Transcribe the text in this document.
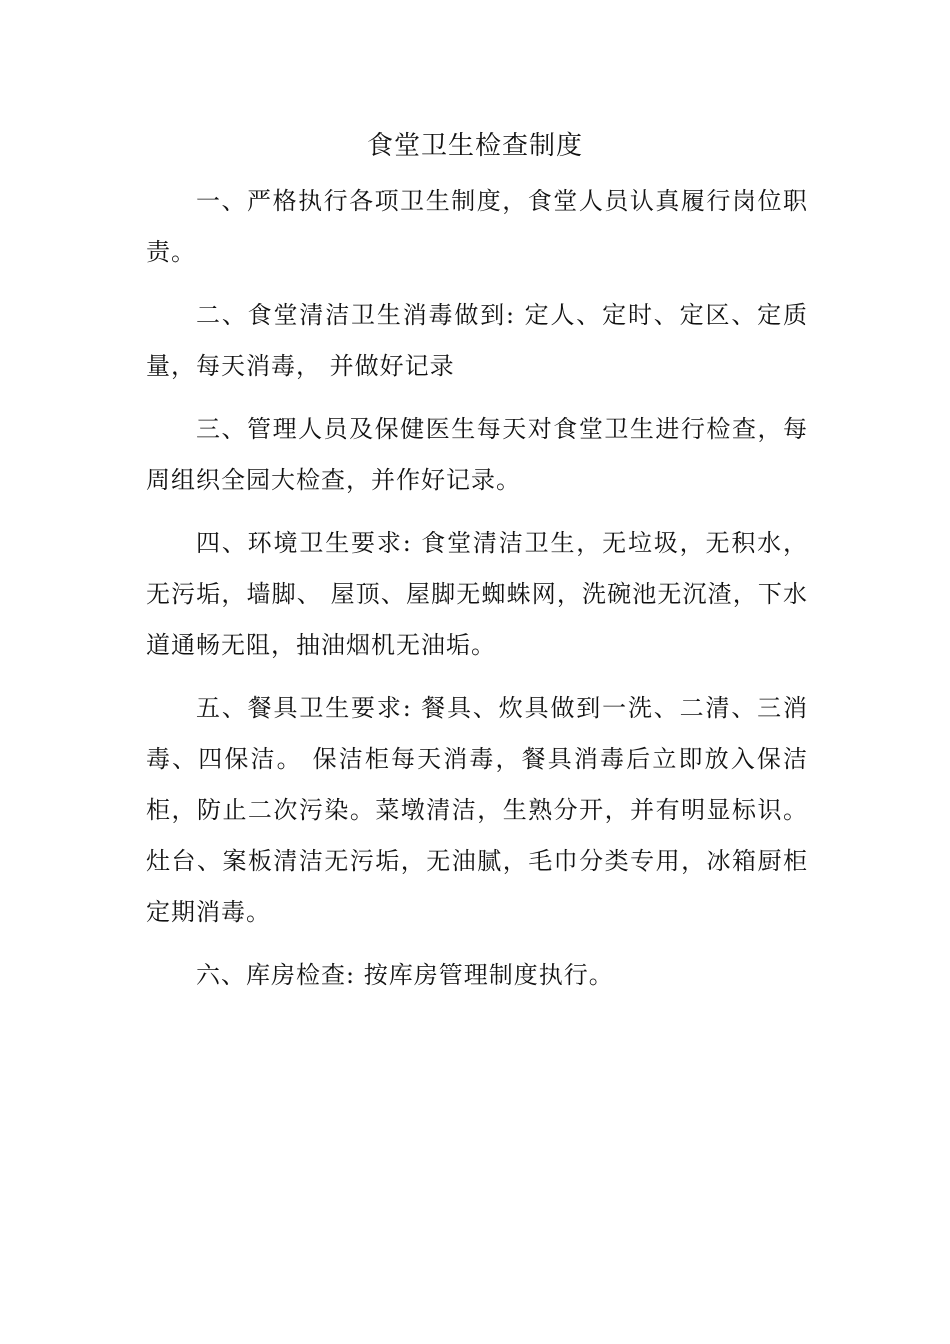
食堂卫生检查制度

一、严格执行各项卫生制度，食堂人员认真履行岗位职责。

二、食堂清洁卫生消毒做到: 定人、定时、定区、定质量，每天消毒， 并做好记录

三、管理人员及保健医生每天对食堂卫生进行检查，每周组织全园大检查，并作好记录。

四、环境卫生要求: 食堂清洁卫生，无垃圾，无积水，无污垢，墙脚、 屋顶、屋脚无蜘蛛网，洗碗池无沉渣，下水道通畅无阻，抽油烟机无油垢。

五、餐具卫生要求: 餐具、炊具做到一洗、二清、三消毒、四保洁。 保洁柜每天消毒，餐具消毒后立即放入保洁柜，防止二次污染。菜墩清洁，生熟分开，并有明显标识。灶台、案板清洁无污垢，无油腻，毛巾分类专用，冰箱厨柜定期消毒。

六、库房检查: 按库房管理制度执行。
